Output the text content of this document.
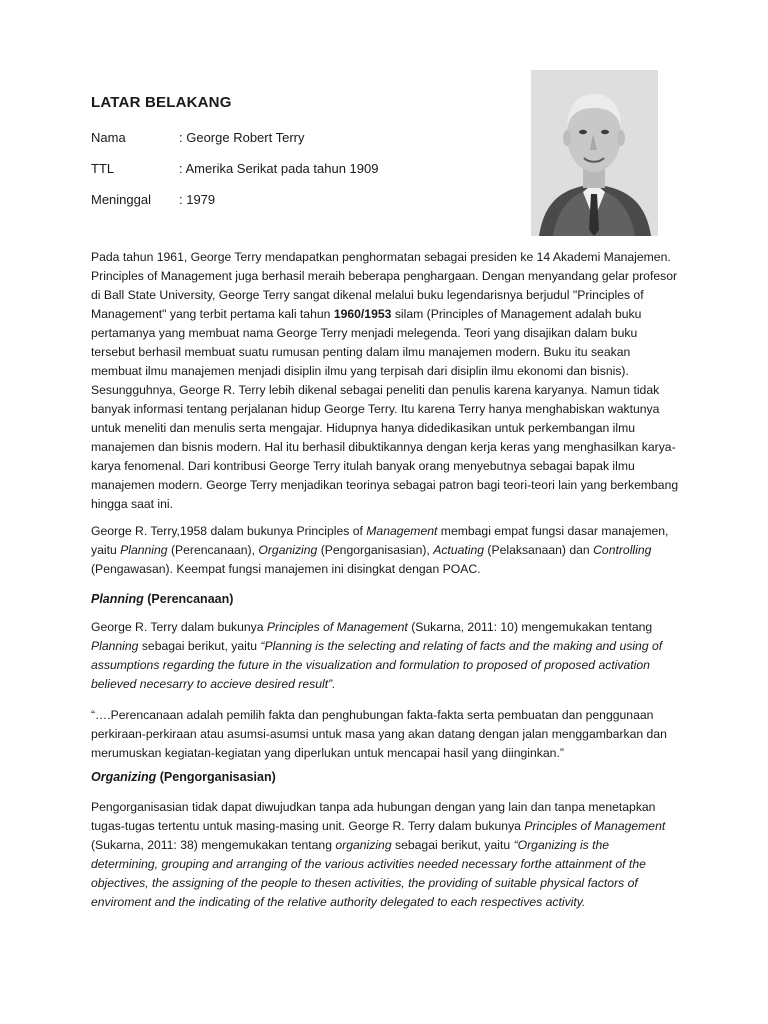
LATAR BELAKANG
Nama	: George Robert Terry
TTL	: Amerika Serikat pada tahun 1909
Meninggal : 1979

Pada tahun 1961, George Terry mendapatkan penghormatan sebagai presiden ke 14 Akademi Manajemen. Principles of Management juga berhasil meraih beberapa penghargaan. Dengan menyandang gelar profesor di Ball State University, George Terry sangat dikenal melalui buku legendarisnya berjudul "Principles of Management" yang terbit pertama kali tahun 1960/1953 silam (Principles of Management adalah buku pertamanya yang membuat nama George Terry menjadi melegenda. Teori yang disajikan dalam buku tersebut berhasil membuat suatu rumusan penting dalam ilmu manajemen modern. Buku itu seakan membuat ilmu manajemen menjadi disiplin ilmu yang terpisah dari disiplin ilmu ekonomi dan bisnis). Sesungguhnya, George R. Terry lebih dikenal sebagai peneliti dan penulis karena karyanya. Namun tidak banyak informasi tentang perjalanan hidup George Terry. Itu karena Terry hanya menghabiskan waktunya untuk meneliti dan menulis serta mengajar. Hidupnya hanya didedikasikan untuk perkembangan ilmu manajemen dan bisnis modern. Hal itu berhasil dibuktikannya dengan kerja keras yang menghasilkan karya-karya fenomenal. Dari kontribusi George Terry itulah banyak orang menyebutnya sebagai bapak ilmu manajemen modern. George Terry menjadikan teorinya sebagai patron bagi teori-teori lain yang berkembang hingga saat ini.

George R. Terry,1958 dalam bukunya Principles of Management membagi empat fungsi dasar manajemen, yaitu Planning (Perencanaan), Organizing (Pengorganisasian), Actuating (Pelaksanaan) dan Controlling (Pengawasan). Keempat fungsi manajemen ini disingkat dengan POAC.

Planning (Perencanaan)

George R. Terry dalam bukunya Principles of Management (Sukarna, 2011: 10) mengemukakan tentang Planning sebagai berikut, yaitu “Planning is the selecting and relating of facts and the making and using of assumptions regarding the future in the visualization and formulation to proposed of proposed activation believed necesarry to accieve desired result”.

“….Perencanaan adalah pemilih fakta dan penghubungan fakta-fakta serta pembuatan dan penggunaan perkiraan-perkiraan atau asumsi-asumsi untuk masa yang akan datang dengan jalan menggambarkan dan merumuskan kegiatan-kegiatan yang diperlukan untuk mencapai hasil yang diinginkan.”

Organizing (Pengorganisasian)

Pengorganisasian tidak dapat diwujudkan tanpa ada hubungan dengan yang lain dan tanpa menetapkan tugas-tugas tertentu untuk masing-masing unit. George R. Terry dalam bukunya Principles of Management (Sukarna, 2011: 38) mengemukakan tentang organizing sebagai berikut, yaitu “Organizing is the determining, grouping and arranging of the various activities needed necessary forthe attainment of the objectives, the assigning of the people to thesen activities, the providing of suitable physical factors of enviroment and the indicating of the relative authority delegated to each respectives activity.
